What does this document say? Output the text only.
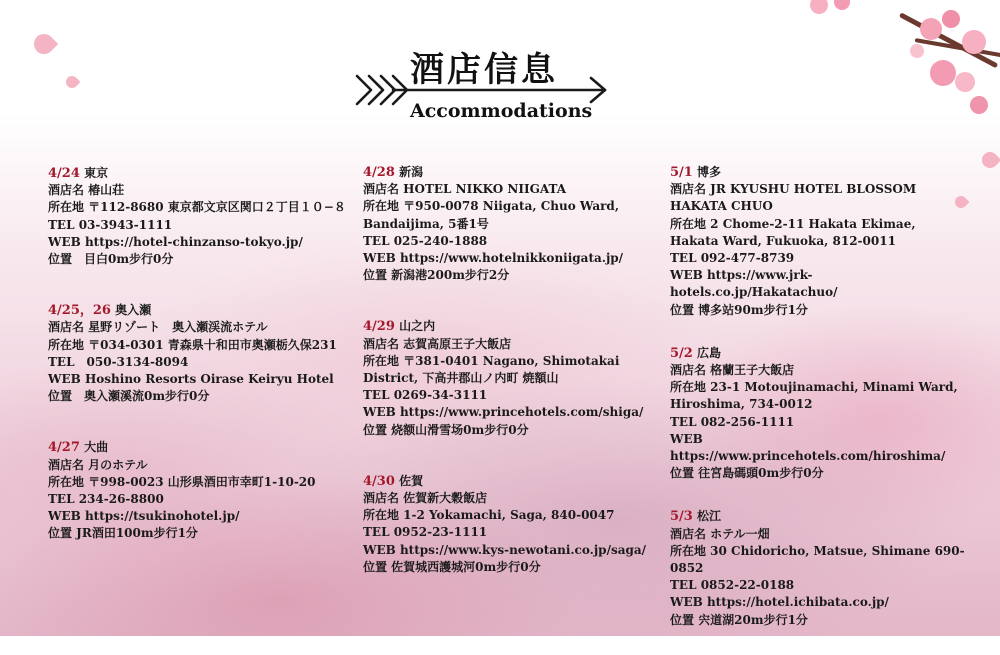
酒店信息
Accommodations
4/24 東京
酒店名 椿山荘
所在地 〒112-8680 東京都文京区関口２丁目１０−８
TEL 03-3943-1111
WEB https://hotel-chinzanso-tokyo.jp/
位置　目白0m步行0分
4/25，26 奥入瀬
酒店名 星野リゾート　奥入瀬渓流ホテル
所在地 〒034-0301 青森県十和田市奥瀬栃久保231
TEL　050-3134-8094
WEB Hoshino Resorts Oirase Keiryu Hotel
位置　奥入瀬溪流0m步行0分
4/27 大曲
酒店名 月のホテル
所在地 〒998-0023 山形県酒田市幸町1-10-20
TEL 234-26-8800
WEB https://tsukinohotel.jp/
位置 JR酒田100m步行1分
4/28 新潟
酒店名 HOTEL NIKKO NIIGATA
所在地 〒950-0078 Niigata, Chuo Ward, Bandaijima, 5番1号
TEL 025-240-1888
WEB https://www.hotelnikkoniigata.jp/
位置 新潟港200m步行2分
4/29 山之内
酒店名 志賀高原王子大飯店
所在地 〒381-0401 Nagano, Shimotakai District, 下高井郡山ノ内町 焼額山
TEL 0269-34-3111
WEB https://www.princehotels.com/shiga/
位置 烧额山滑雪场0m步行0分
4/30 佐賀
酒店名 佐賀新大穀飯店
所在地 1-2 Yokamachi, Saga, 840-0047
TEL 0952-23-1111
WEB https://www.kys-newotani.co.jp/saga/
位置 佐賀城西護城河0m步行0分
5/1 博多
酒店名 JR KYUSHU HOTEL BLOSSOM HAKATA CHUO
所在地 2 Chome-2-11 Hakata Ekimae, Hakata Ward, Fukuoka, 812-0011
TEL 092-477-8739
WEB https://www.jrk-hotels.co.jp/Hakatachuo/
位置 博多站90m步行1分
5/2 広島
酒店名 格蘭王子大飯店
所在地 23-1 Motoujinamachi, Minami Ward, Hiroshima, 734-0012
TEL 082-256-1111
WEB https://www.princehotels.com/hiroshima/
位置 往宮島碼頭0m步行0分
5/3 松江
酒店名 ホテル一畑
所在地 30 Chidoricho, Matsue, Shimane 690-0852
TEL 0852-22-0188
WEB https://hotel.ichibata.co.jp/
位置 宍道湖20m步行1分
